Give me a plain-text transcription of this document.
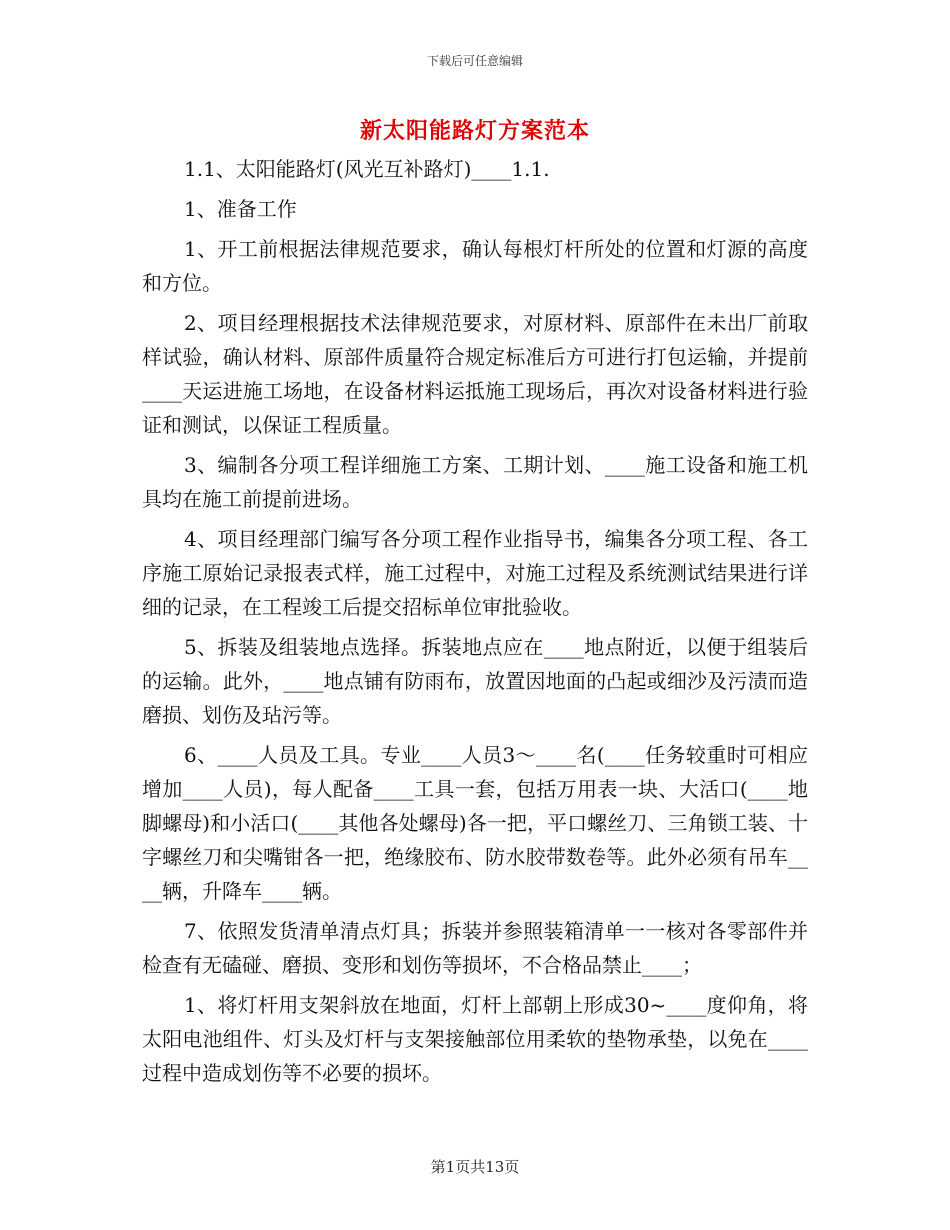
下载后可任意编辑
新太阳能路灯方案范本

1.1、太阳能路灯(风光互补路灯)____1.1.

1、准备工作

1、开工前根据法律规范要求，确认每根灯杆所处的位置和灯源的高度和方位。

2、项目经理根据技术法律规范要求，对原材料、原部件在未出厂前取样试验，确认材料、原部件质量符合规定标准后方可进行打包运输，并提前____天运进施工场地，在设备材料运抵施工现场后，再次对设备材料进行验证和测试，以保证工程质量。

3、编制各分项工程详细施工方案、工期计划、____施工设备和施工机具均在施工前提前进场。

4、项目经理部门编写各分项工程作业指导书，编集各分项工程、各工序施工原始记录报表式样，施工过程中，对施工过程及系统测试结果进行详细的记录，在工程竣工后提交招标单位审批验收。

5、拆装及组装地点选择。拆装地点应在____地点附近，以便于组装后的运输。此外，____地点铺有防雨布，放置因地面的凸起或细沙及污渍而造磨损、划伤及玷污等。

6、____人员及工具。专业____人员3～____名(____任务较重时可相应增加____人员)，每人配备____工具一套，包括万用表一块、大活口(____地脚螺母)和小活口(____其他各处螺母)各一把，平口螺丝刀、三角锁工装、十字螺丝刀和尖嘴钳各一把，绝缘胶布、防水胶带数卷等。此外必须有吊车____辆，升降车____辆。

7、依照发货清单清点灯具；拆装并参照装箱清单一一核对各零部件并检查有无磕碰、磨损、变形和划伤等损坏，不合格品禁止____；

1、将灯杆用支架斜放在地面，灯杆上部朝上形成30~____度仰角，将太阳电池组件、灯头及灯杆与支架接触部位用柔软的垫物承垫，以免在____过程中造成划伤等不必要的损坏。

第1页共13页
